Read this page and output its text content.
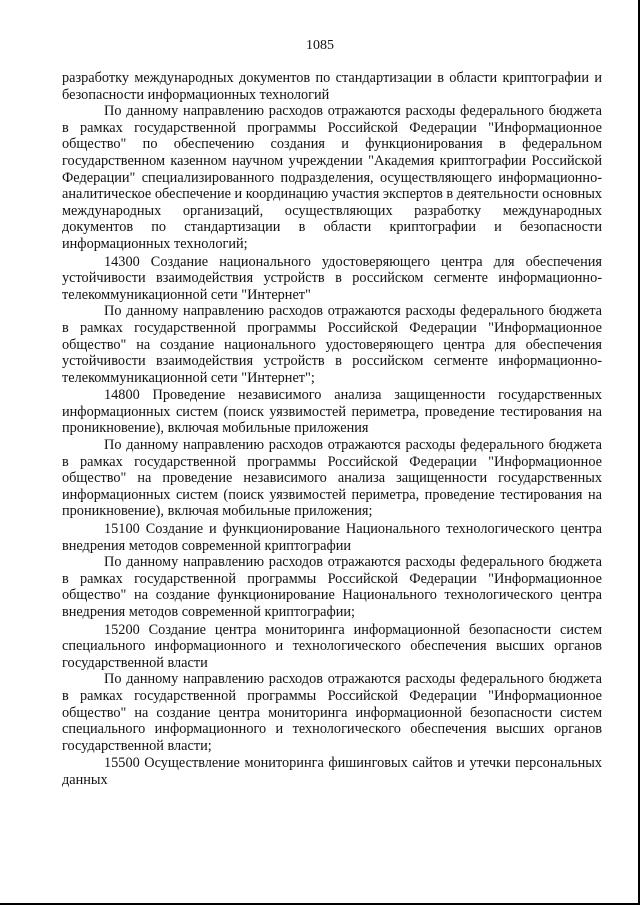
1085

разработку международных документов по стандартизации в области криптографии и безопасности информационных технологий

По данному направлению расходов отражаются расходы федерального бюджета в рамках государственной программы Российской Федерации "Информационное общество" по обеспечению создания и функционирования в федеральном государственном казенном научном учреждении "Академия криптографии Российской Федерации" специализированного подразделения, осуществляющего информационно-аналитическое обеспечение и координацию участия экспертов в деятельности основных международных организаций, осуществляющих разработку международных документов по стандартизации в области криптографии и безопасности информационных технологий;

14300 Создание национального удостоверяющего центра для обеспечения устойчивости взаимодействия устройств в российском сегменте информационно-телекоммуникационной сети "Интернет"

По данному направлению расходов отражаются расходы федерального бюджета в рамках государственной программы Российской Федерации "Информационное общество" на создание национального удостоверяющего центра для обеспечения устойчивости взаимодействия устройств в российском сегменте информационно-телекоммуникационной сети "Интернет";

14800 Проведение независимого анализа защищенности государственных информационных систем (поиск уязвимостей периметра, проведение тестирования на проникновение), включая мобильные приложения

По данному направлению расходов отражаются расходы федерального бюджета в рамках государственной программы Российской Федерации "Информационное общество" на проведение независимого анализа защищенности государственных информационных систем (поиск уязвимостей периметра, проведение тестирования на проникновение), включая мобильные приложения;

15100 Создание и функционирование Национального технологического центра внедрения методов современной криптографии

По данному направлению расходов отражаются расходы федерального бюджета в рамках государственной программы Российской Федерации "Информационное общество" на создание функционирование Национального технологического центра внедрения методов современной криптографии;

15200 Создание центра мониторинга информационной безопасности систем специального информационного и технологического обеспечения высших органов государственной власти

По данному направлению расходов отражаются расходы федерального бюджета в рамках государственной программы Российской Федерации "Информационное общество" на создание центра мониторинга информационной безопасности систем специального информационного и технологического обеспечения высших органов государственной власти;

15500 Осуществление мониторинга фишинговых сайтов и утечки персональных данных
